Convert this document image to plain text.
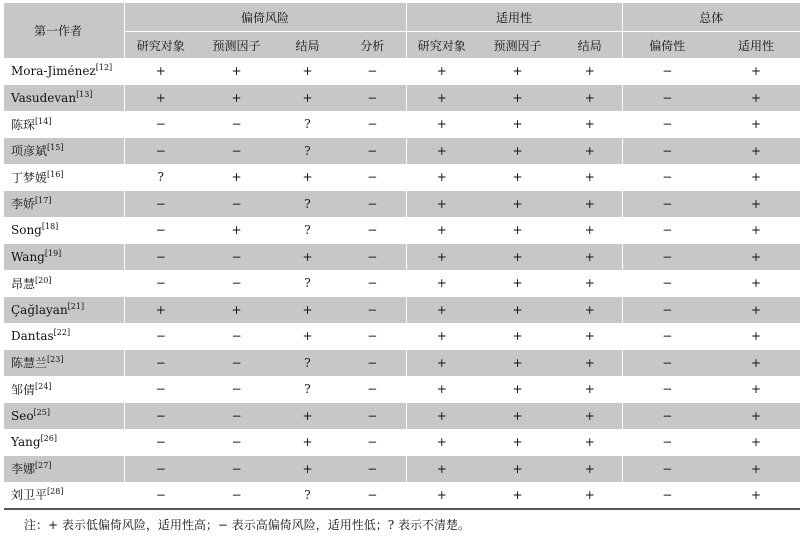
第一作者	偏倚风险				适用性			总体	
	研究对象	预测因子	结局	分析	研究对象	预测因子	结局	偏倚性	适用性
Mora-Jiménez[12]	+	+	+	−	+	+	+	−	+
Vasudevan[13]	+	+	+	−	+	+	+	−	+
陈琛[14]	−	−	?	−	+	+	+	−	+
项彦斌[15]	−	−	?	−	+	+	+	−	+
丁梦媛[16]	?	+	+	−	+	+	+	−	+
李娇[17]	−	−	?	−	+	+	+	−	+
Song[18]	−	+	?	−	+	+	+	−	+
Wang[19]	−	−	+	−	+	+	+	−	+
昂慧[20]	−	−	?	−	+	+	+	−	+
Çağlayan[21]	+	+	+	−	+	+	+	−	+
Dantas[22]	−	−	+	−	+	+	+	−	+
陈慧兰[23]	−	−	?	−	+	+	+	−	+
邹倩[24]	−	−	?	−	+	+	+	−	+
Seo[25]	−	−	+	−	+	+	+	−	+
Yang[26]	−	−	+	−	+	+	+	−	+
李娜[27]	−	−	+	−	+	+	+	−	+
刘卫平[28]	−	−	?	−	+	+	+	−	+
注：+ 表示低偏倚风险，适用性高；− 表示高偏倚风险，适用性低；? 表示不清楚。
